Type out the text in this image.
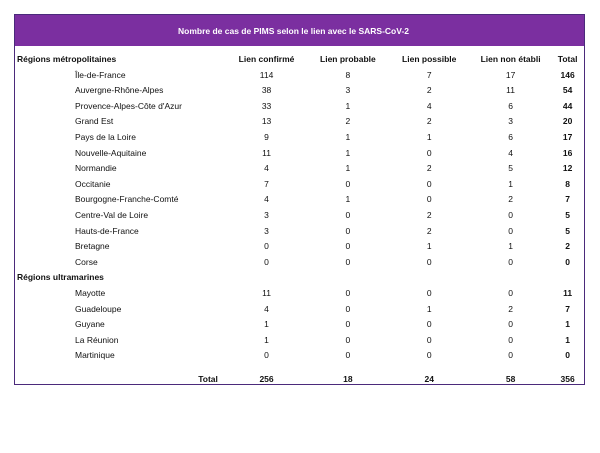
Nombre de cas de PIMS selon le lien avec le SARS-CoV-2
Régions métropolitaines	Lien confirmé	Lien probable	Lien possible	Lien non établi	Total
Île-de-France	114	8	7	17	146
Auvergne-Rhône-Alpes	38	3	2	11	54
Provence-Alpes-Côte d'Azur	33	1	4	6	44
Grand Est	13	2	2	3	20
Pays de la Loire	9	1	1	6	17
Nouvelle-Aquitaine	11	1	0	4	16
Normandie	4	1	2	5	12
Occitanie	7	0	0	1	8
Bourgogne-Franche-Comté	4	1	0	2	7
Centre-Val de Loire	3	0	2	0	5
Hauts-de-France	3	0	2	0	5
Bretagne	0	0	1	1	2
Corse	0	0	0	0	0
Régions ultramarines					
Mayotte	11	0	0	0	11
Guadeloupe	4	0	1	2	7
Guyane	1	0	0	0	1
La Réunion	1	0	0	0	1
Martinique	0	0	0	0	0
Total	256	18	24	58	356
